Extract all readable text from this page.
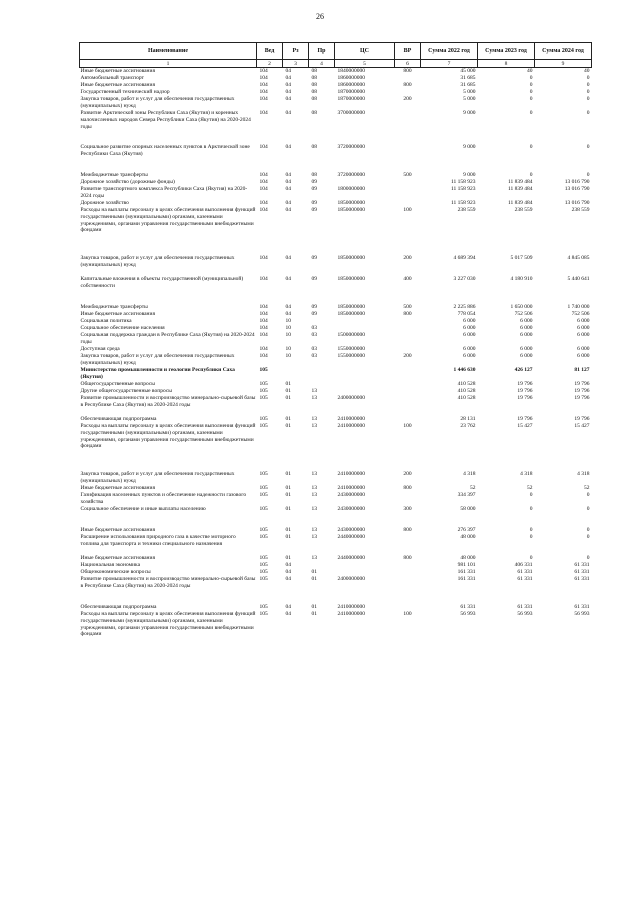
26
Наименование	Вед	Рз	Пр	ЦС	ВР	Сумма 2022 год	Сумма 2023 год	Сумма 2024 год
1	2	3	4	5	6	7	8	9
Иные бюджетные ассигнования	104	04	08	1840000000	800	45 000	40	40
Автомобильный транспорт	104	04	08	1860000000		31 685	0	0
Иные бюджетные ассигнования	104	04	08	1860000000	800	31 685	0	0
Государственный технический надзор	104	04	08	1870000000		5 000	0	0
Закупка товаров, работ и услуг для обеспечения государственных (муниципальных) нужд	104	04	08	1870000000	200	5 000	0	0
Развитие Арктической зоны Республики Саха (Якутия) и коренных малочисленных народов Севера Республики Саха (Якутия) на 2020-2024 годы	104	04	08	3700000000		9 000	0	0
Социальное развитие опорных населенных пунктов в Арктической зоне Республики Саха (Якутия)	104	04	08	3720000000		9 000	0	0
Межбюджетные трансферты	104	04	08	3720000000	500	9 000	0	0
Дорожное хозяйство (дорожные фонды)	104	04	09			11 158 923	11 839 484	13 016 790
Развитие транспортного комплекса Республики Саха (Якутия) на 2020-2024 годы	104	04	09	1800000000		11 158 923	11 839 484	13 016 790
Дорожное хозяйство	104	04	09	1850000000		11 158 923	11 839 484	13 016 790
Расходы на выплаты персоналу в целях обеспечения выполнения функций государственными (муниципальными) органами, казенными учреждениями, органами управления государственными внебюджетными фондами	104	04	09	1850000000	100	238 559	238 559	238 559
Закупка товаров, работ и услуг для обеспечения государственных (муниципальных) нужд	104	04	09	1850000000	200	4 689 394	5 017 509	4 845 085
Капитальные вложения в объекты государственной (муниципальной) собственности	104	04	09	1850000000	400	3 227 030	4 180 910	5 440 641
Межбюджетные трансферты	104	04	09	1850000000	500	2 225 886	1 650 000	1 740 000
Иные бюджетные ассигнования	104	04	09	1850000000	800	778 054	752 506	752 506
Социальная политика	104	10				6 000	6 000	6 000
Социальное обеспечение населения	104	10	03			6 000	6 000	6 000
Социальная поддержка граждан в Республике Саха (Якутия) на 2020-2024 годы	104	10	03	1500000000		6 000	6 000	6 000
Доступная среда	104	10	03	1550000000		6 000	6 000	6 000
Закупка товаров, работ и услуг для обеспечения государственных (муниципальных) нужд	104	10	03	1550000000	200	6 000	6 000	6 000
Министерство промышленности и геологии Республики Саха (Якутия)	105					1 446 630	426 127	81 127
Общегосударственные вопросы	105	01				410 528	19 796	19 796
Другие общегосударственные вопросы	105	01	13			410 528	19 796	19 796
Развитие промышленности и воспроизводство минерально-сырьевой базы в Республике Саха (Якутия) на 2020-2024 годы	105	01	13	2400000000		410 528	19 796	19 796
Обеспечивающая подпрограмма	105	01	13	2410000000		28 131	19 796	19 796
Расходы на выплаты персоналу в целях обеспечения выполнения функций государственными (муниципальными) органами, казенными учреждениями, органами управления государственными внебюджетными фондами	105	01	13	2410000000	100	23 762	15 427	15 427
Закупка товаров, работ и услуг для обеспечения государственных (муниципальных) нужд	105	01	13	2410000000	200	4 318	4 318	4 318
Иные бюджетные ассигнования	105	01	13	2410000000	800	52	52	52
Газификация населенных пунктов и обеспечение надежности газового хозяйства	105	01	13	2430000000		334 397	0	0
Социальное обеспечение и иные выплаты населению	105	01	13	2430000000	300	58 000	0	0
Иные бюджетные ассигнования	105	01	13	2430000000	800	276 397	0	0
Расширение использования природного газа в качестве моторного топлива для транспорта и техники специального назначения	105	01	13	2440000000		48 000	0	0
Иные бюджетные ассигнования	105	01	13	2440000000	800	48 000	0	0
Национальная экономика	105	04				981 101	406 331	61 331
Общеэкономические вопросы	105	04	01			161 331	61 331	61 331
Развитие промышленности и воспроизводство минерально-сырьевой базы в Республике Саха (Якутия) на 2020-2024 годы	105	04	01	2400000000		161 331	61 331	61 331
Обеспечивающая подпрограмма	105	04	01	2410000000		61 331	61 331	61 331
Расходы на выплаты персоналу в целях обеспечения выполнения функций государственными (муниципальными) органами, казенными учреждениями, органами управления государственными внебюджетными фондами	105	04	01	2410000000	100	56 993	56 993	56 993
